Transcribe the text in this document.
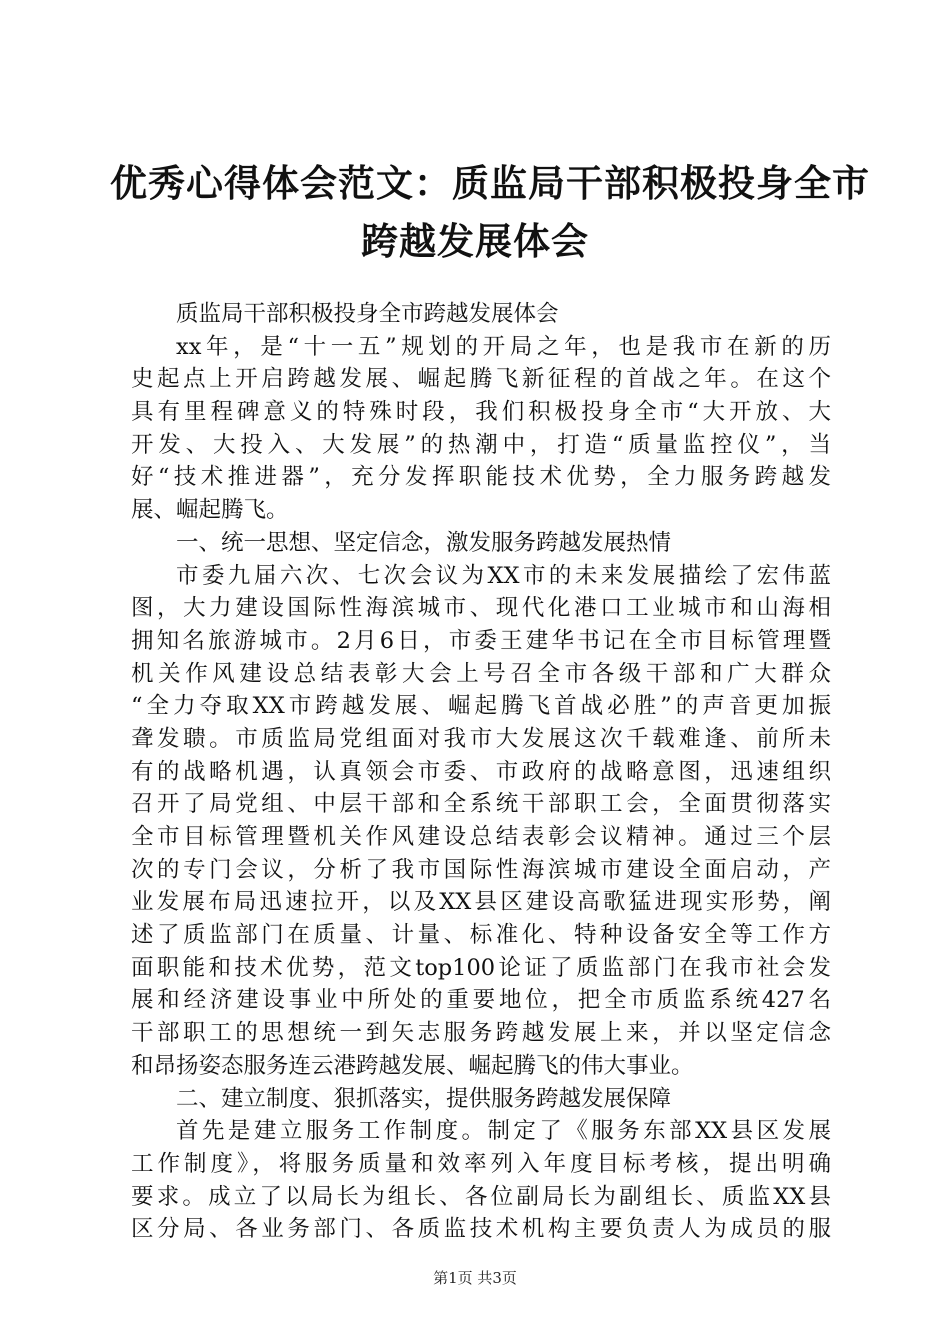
优秀心得体会范文：质监局干部积极投身全市
跨越发展体会
质监局干部积极投身全市跨越发展体会
xx年，是“十一五”规划的开局之年，也是我市在新的历
史起点上开启跨越发展、崛起腾飞新征程的首战之年。在这个
具有里程碑意义的特殊时段，我们积极投身全市“大开放、大
开发、大投入、大发展”的热潮中，打造“质量监控仪”，当
好“技术推进器”，充分发挥职能技术优势，全力服务跨越发
展、崛起腾飞。
一、统一思想、坚定信念，激发服务跨越发展热情
市委九届六次、七次会议为XX市的未来发展描绘了宏伟蓝
图，大力建设国际性海滨城市、现代化港口工业城市和山海相
拥知名旅游城市。2月6日，市委王建华书记在全市目标管理暨
机关作风建设总结表彰大会上号召全市各级干部和广大群众
“全力夺取XX市跨越发展、崛起腾飞首战必胜”的声音更加振
聋发聩。市质监局党组面对我市大发展这次千载难逢、前所未
有的战略机遇，认真领会市委、市政府的战略意图，迅速组织
召开了局党组、中层干部和全系统干部职工会，全面贯彻落实
全市目标管理暨机关作风建设总结表彰会议精神。通过三个层
次的专门会议，分析了我市国际性海滨城市建设全面启动，产
业发展布局迅速拉开，以及XX县区建设高歌猛进现实形势，阐
述了质监部门在质量、计量、标准化、特种设备安全等工作方
面职能和技术优势，范文top100论证了质监部门在我市社会发
展和经济建设事业中所处的重要地位，把全市质监系统427名
干部职工的思想统一到矢志服务跨越发展上来，并以坚定信念
和昂扬姿态服务连云港跨越发展、崛起腾飞的伟大事业。
二、建立制度、狠抓落实，提供服务跨越发展保障
首先是建立服务工作制度。制定了《服务东部XX县区发展
工作制度》，将服务质量和效率列入年度目标考核，提出明确
要求。成立了以局长为组长、各位副局长为副组长、质监XX县
区分局、各业务部门、各质监技术机构主要负责人为成员的服
第1页 共3页
